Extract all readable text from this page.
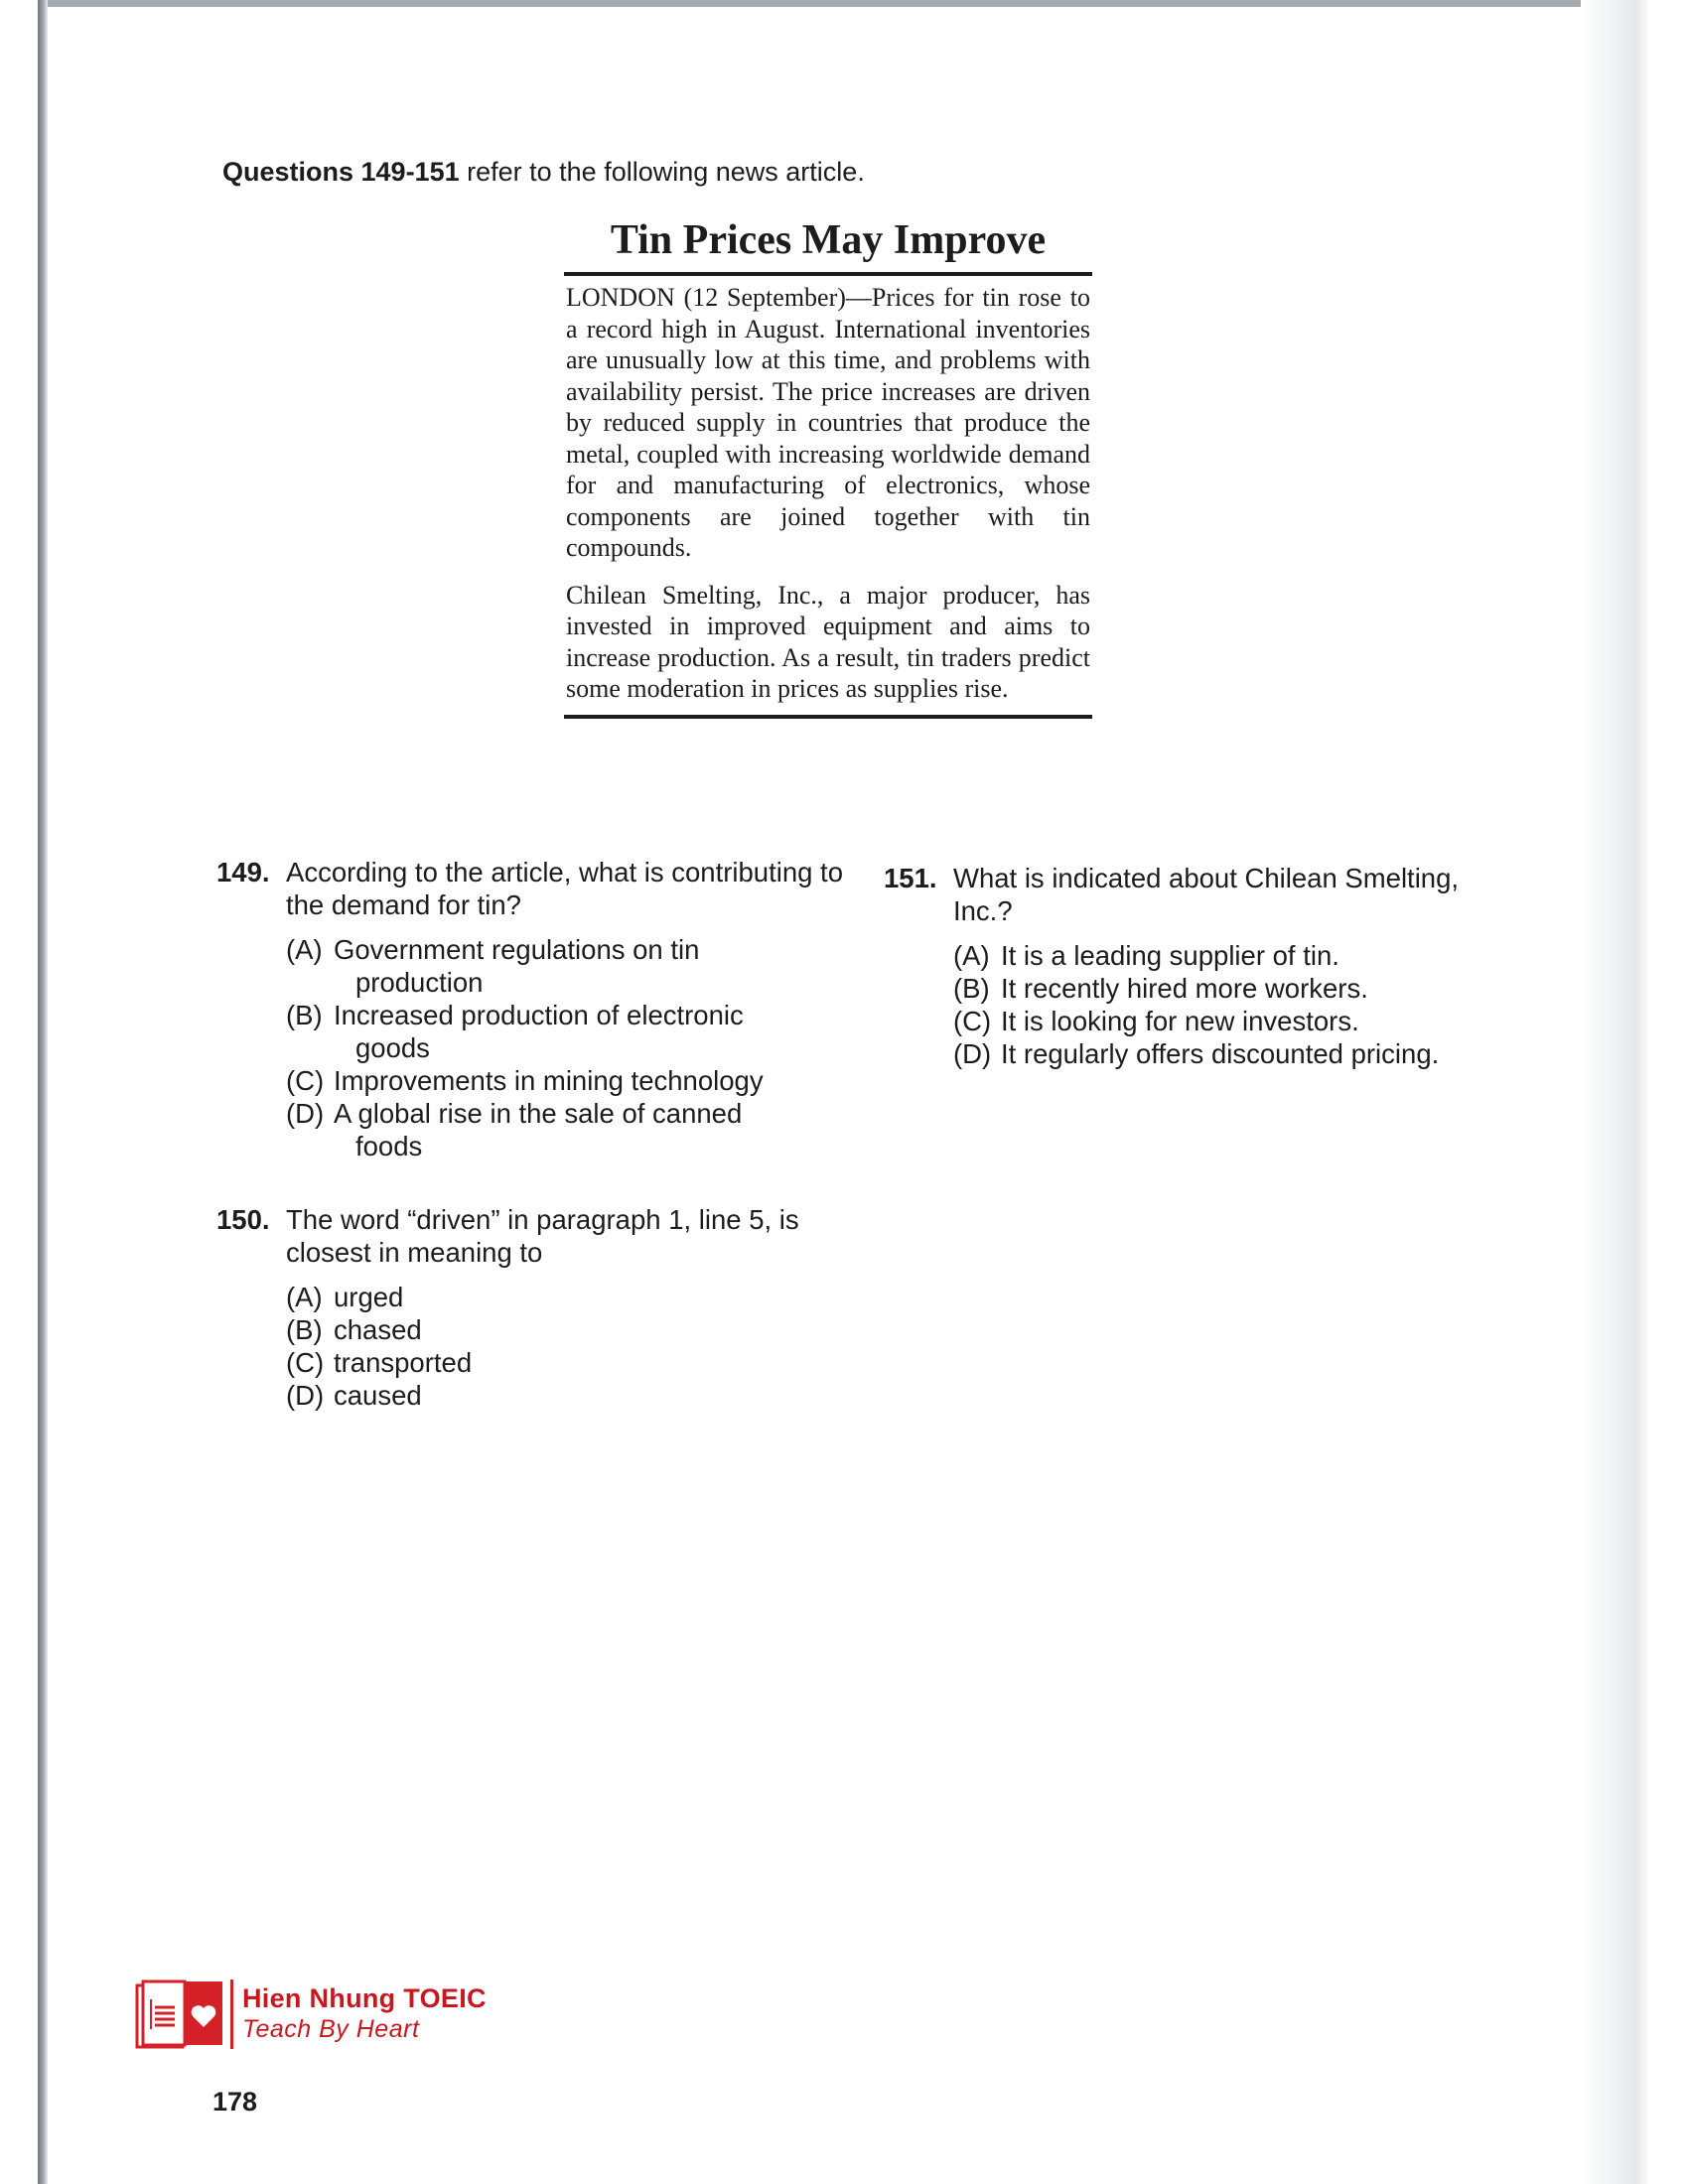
Questions 149-151 refer to the following news article.
Tin Prices May Improve

LONDON (12 September)—Prices for tin rose to a record high in August. International inventories are unusually low at this time, and problems with availability persist. The price increases are driven by reduced supply in countries that produce the metal, coupled with increasing worldwide demand for and manufacturing of electronics, whose components are joined together with tin compounds.

Chilean Smelting, Inc., a major producer, has invested in improved equipment and aims to increase production. As a result, tin traders predict some moderation in prices as supplies rise.

149. According to the article, what is contributing to the demand for tin?
(A) Government regulations on tin
production
(B) Increased production of electronic
goods
(C) Improvements in mining technology
(D) A global rise in the sale of canned
foods
150. The word “driven” in paragraph 1, line 5, is closest in meaning to
(A) urged
(B) chased
(C) transported
(D) caused
151. What is indicated about Chilean Smelting, Inc.?
(A) It is a leading supplier of tin.
(B) It recently hired more workers.
(C) It is looking for new investors.
(D) It regularly offers discounted pricing.
Hien Nhung TOEIC
Teach By Heart
178
